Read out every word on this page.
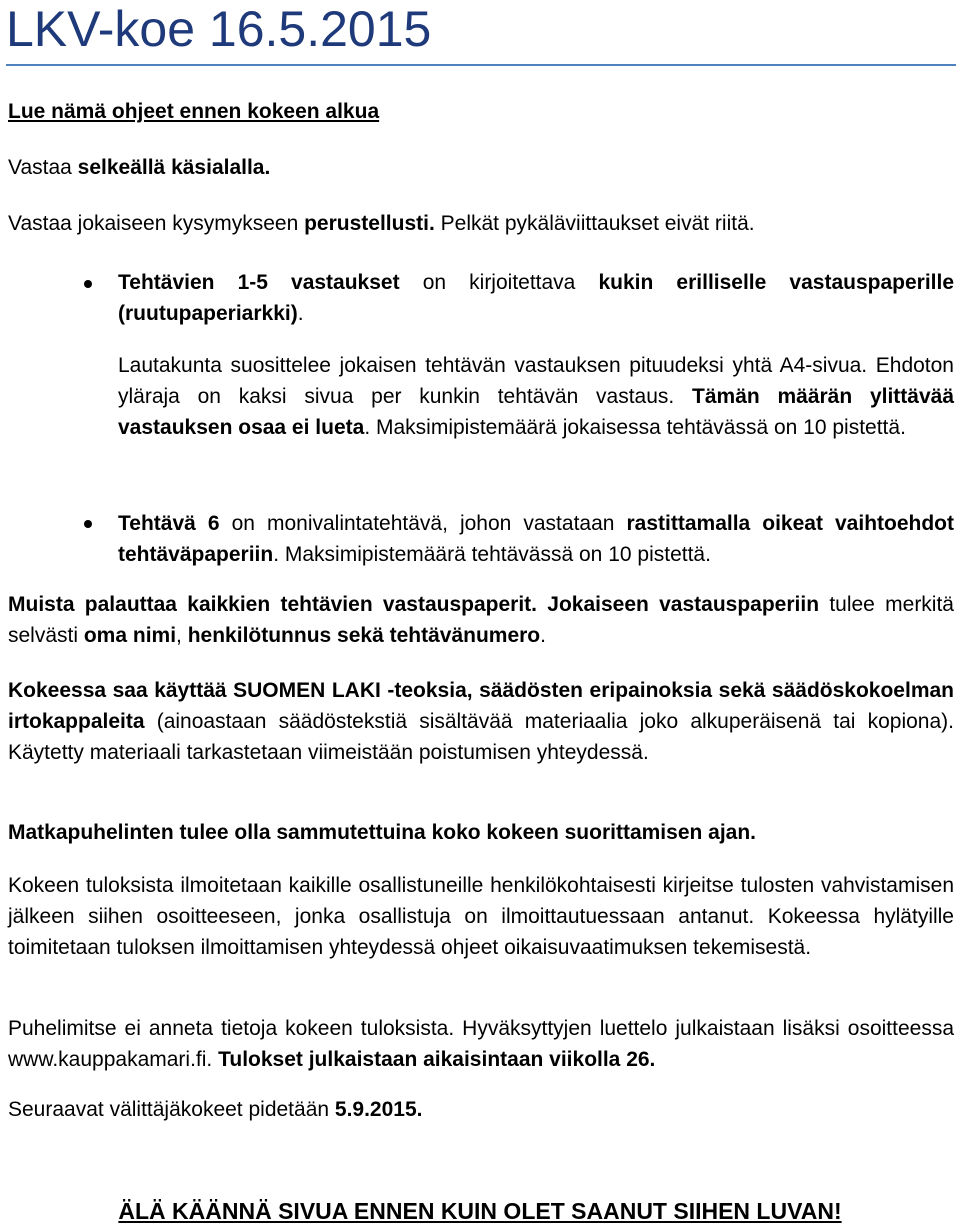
LKV-koe 16.5.2015
Lue nämä ohjeet ennen kokeen alkua
Vastaa selkeällä käsialalla.
Vastaa jokaiseen kysymykseen perustellusti. Pelkät pykäläviittaukset eivät riitä.
Tehtävien 1-5 vastaukset on kirjoitettava kukin erilliselle vastauspaperille (ruutupaperiarkki).
Lautakunta suosittelee jokaisen tehtävän vastauksen pituudeksi yhtä A4-sivua. Ehdoton yläraja on kaksi sivua per kunkin tehtävän vastaus. Tämän määrän ylittävää vastauksen osaa ei lueta. Maksimipistemäärä jokaisessa tehtävässä on 10 pistettä.
Tehtävä 6 on monivalintatehtävä, johon vastataan rastittamalla oikeat vaihtoehdot tehtäväpaperiin. Maksimipistemäärä tehtävässä on 10 pistettä.
Muista palauttaa kaikkien tehtävien vastauspaperit. Jokaiseen vastauspaperiin tulee merkitä selvästi oma nimi, henkilötunnus sekä tehtävänumero.
Kokeessa saa käyttää SUOMEN LAKI -teoksia, säädösten eripainoksia sekä säädöskokoelman irtokappaleita (ainoastaan säädöstekstiä sisältävää materiaalia joko alkuperäisenä tai kopiona). Käytetty materiaali tarkastetaan viimeistään poistumisen yhteydessä.
Matkapuhelinten tulee olla sammutettuina koko kokeen suorittamisen ajan.
Kokeen tuloksista ilmoitetaan kaikille osallistuneille henkilökohtaisesti kirjeitse tulosten vahvistamisen jälkeen siihen osoitteeseen, jonka osallistuja on ilmoittautuessaan antanut. Kokeessa hylätyille toimitetaan tuloksen ilmoittamisen yhteydessä ohjeet oikaisuvaatimuksen tekemisestä.
Puhelimitse ei anneta tietoja kokeen tuloksista. Hyväksyttyjen luettelo julkaistaan lisäksi osoitteessa www.kauppakamari.fi. Tulokset julkaistaan aikaisintaan viikolla 26.
Seuraavat välittäjäkokeet pidetään 5.9.2015.
ÄLÄ KÄÄNNÄ SIVUA ENNEN KUIN OLET SAANUT SIIHEN LUVAN!
